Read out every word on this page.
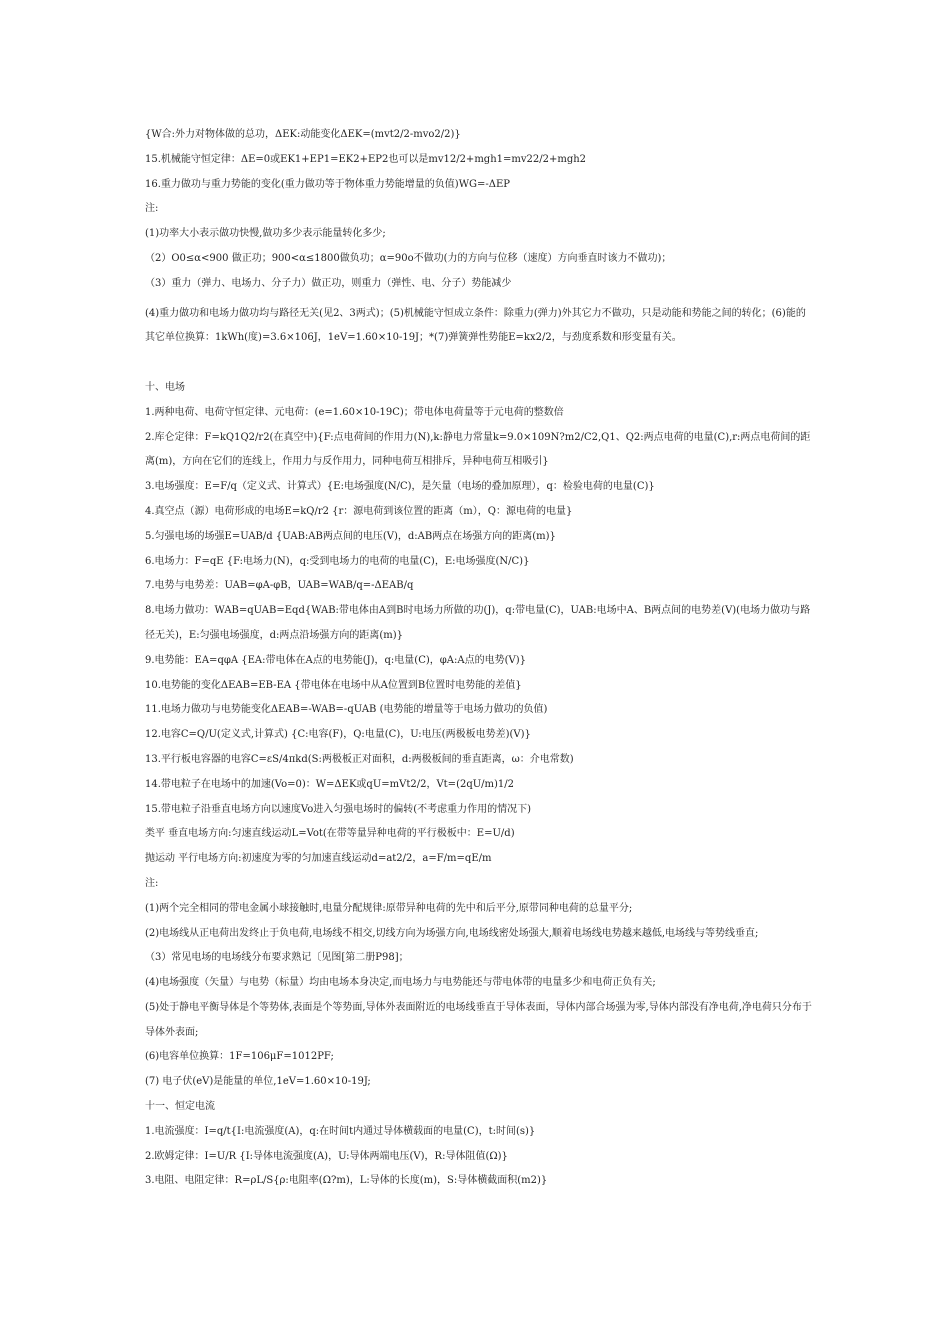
{W合:外力对物体做的总功，ΔEK:动能变化ΔEK=(mvt2/2-mvo2/2)}
15.机械能守恒定律：ΔE=0或EK1+EP1=EK2+EP2也可以是mv12/2+mgh1=mv22/2+mgh2
16.重力做功与重力势能的变化(重力做功等于物体重力势能增量的负值)WG=-ΔEP
注:
(1)功率大小表示做功快慢,做功多少表示能量转化多少;
（2）O0≤α<900 做正功；900<α≤1800做负功；α=90o不做功(力的方向与位移（速度）方向垂直时该力不做功)；
（3）重力（弹力、电场力、分子力）做正功，则重力（弹性、电、分子）势能减少
(4)重力做功和电场力做功均与路径无关(见2、3两式)；(5)机械能守恒成立条件：除重力(弹力)外其它力不做功，只是动能和势能之间的转化；(6)能的其它单位换算：1kWh(度)=3.6×106J，1eV=1.60×10-19J；*(7)弹簧弹性势能E=kx2/2，与劲度系数和形变量有关。
十、电场
1.两种电荷、电荷守恒定律、元电荷：(e=1.60×10-19C)；带电体电荷量等于元电荷的整数倍
2.库仑定律：F=kQ1Q2/r2(在真空中){F:点电荷间的作用力(N),k:静电力常量k=9.0×109N?m2/C2,Q1、Q2:两点电荷的电量(C),r:两点电荷间的距离(m)，方向在它们的连线上，作用力与反作用力，同种电荷互相排斥，异种电荷互相吸引}
3.电场强度：E=F/q（定义式、计算式）{E:电场强度(N/C)，是矢量（电场的叠加原理），q：检验电荷的电量(C)}
4.真空点（源）电荷形成的电场E=kQ/r2 {r：源电荷到该位置的距离（m），Q：源电荷的电量}
5.匀强电场的场强E=UAB/d {UAB:AB两点间的电压(V)，d:AB两点在场强方向的距离(m)}
6.电场力：F=qE {F:电场力(N)，q:受到电场力的电荷的电量(C)，E:电场强度(N/C)}
7.电势与电势差：UAB=φA-φB，UAB=WAB/q=-ΔEAB/q
8.电场力做功：WAB=qUAB=Eqd{WAB:带电体由A到B时电场力所做的功(J)，q:带电量(C)，UAB:电场中A、B两点间的电势差(V)(电场力做功与路径无关)，E:匀强电场强度，d:两点沿场强方向的距离(m)}
9.电势能：EA=qφA {EA:带电体在A点的电势能(J)，q:电量(C)，φA:A点的电势(V)}
10.电势能的变化ΔEAB=EB-EA {带电体在电场中从A位置到B位置时电势能的差值}
11.电场力做功与电势能变化ΔEAB=-WAB=-qUAB (电势能的增量等于电场力做功的负值)
12.电容C=Q/U(定义式,计算式) {C:电容(F)，Q:电量(C)，U:电压(两极板电势差)(V)}
13.平行板电容器的电容C=εS/4πkd(S:两极板正对面积，d:两极板间的垂直距离，ω：介电常数)
14.带电粒子在电场中的加速(Vo=0)：W=ΔEK或qU=mVt2/2，Vt=(2qU/m)1/2
15.带电粒子沿垂直电场方向以速度Vo进入匀强电场时的偏转(不考虑重力作用的情况下)
类平 垂直电场方向:匀速直线运动L=Vot(在带等量异种电荷的平行极板中：E=U/d)
抛运动 平行电场方向:初速度为零的匀加速直线运动d=at2/2，a=F/m=qE/m
注:
(1)两个完全相同的带电金属小球接触时,电量分配规律:原带异种电荷的先中和后平分,原带同种电荷的总量平分;
(2)电场线从正电荷出发终止于负电荷,电场线不相交,切线方向为场强方向,电场线密处场强大,顺着电场线电势越来越低,电场线与等势线垂直;
（3）常见电场的电场线分布要求熟记〔见图[第二册P98]；
(4)电场强度（矢量）与电势（标量）均由电场本身决定,而电场力与电势能还与带电体带的电量多少和电荷正负有关;
(5)处于静电平衡导体是个等势体,表面是个等势面,导体外表面附近的电场线垂直于导体表面，导体内部合场强为零,导体内部没有净电荷,净电荷只分布于导体外表面;
(6)电容单位换算：1F=106μF=1012PF;
(7) 电子伏(eV)是能量的单位,1eV=1.60×10-19J;
十一、恒定电流
1.电流强度：I=q/t{I:电流强度(A)，q:在时间t内通过导体横载面的电量(C)，t:时间(s)}
2.欧姆定律：I=U/R {I:导体电流强度(A)，U:导体两端电压(V)，R:导体阻值(Ω)}
3.电阻、电阻定律：R=ρL/S{ρ:电阻率(Ω?m)，L:导体的长度(m)，S:导体横截面积(m2)}
